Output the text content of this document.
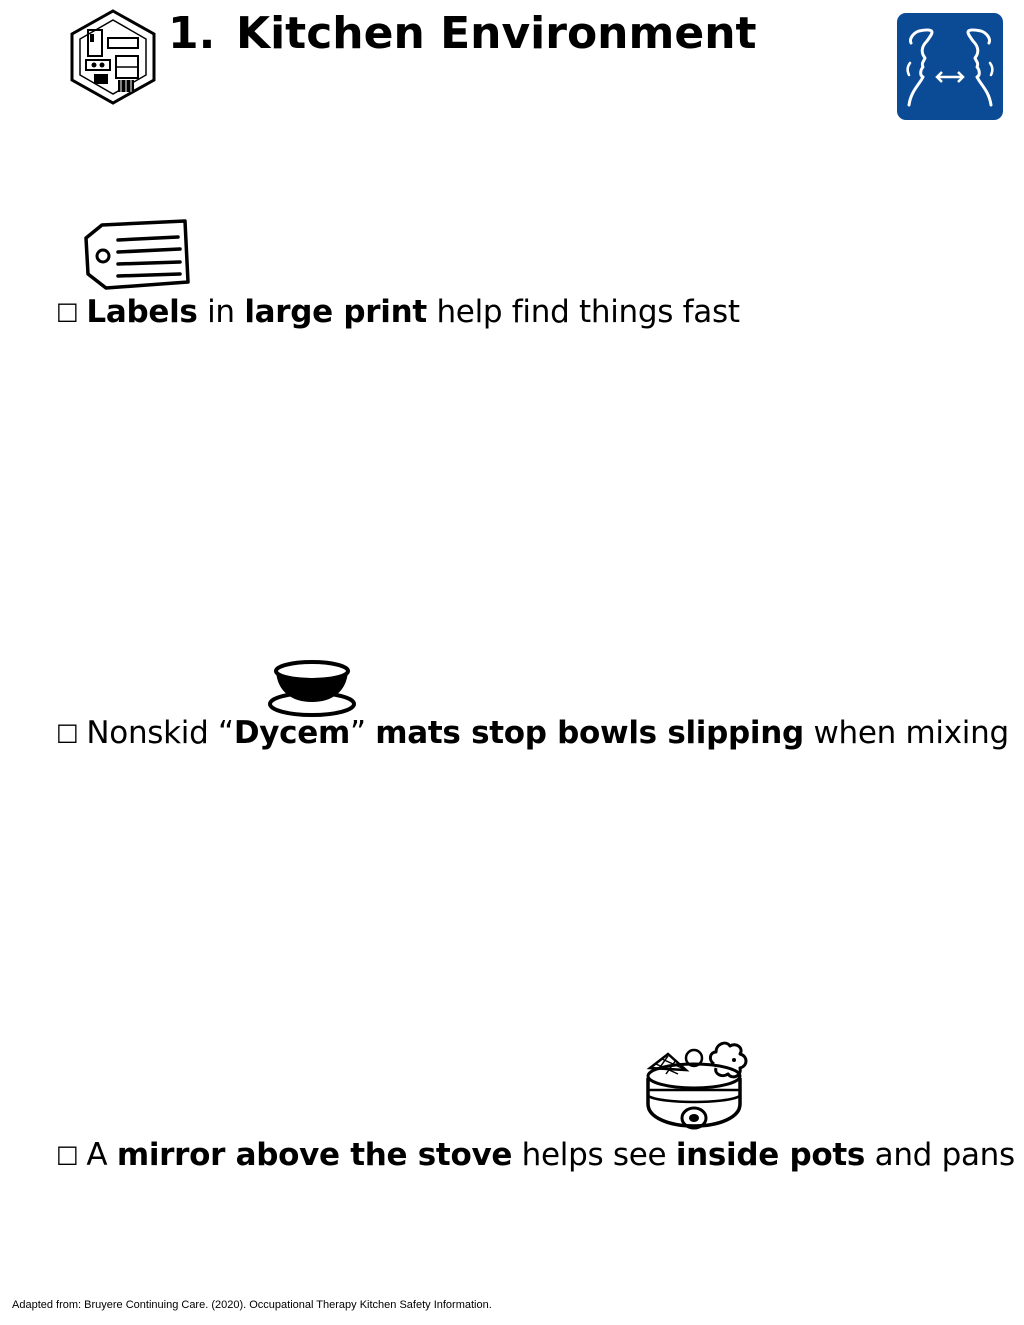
1. Kitchen Environment

□ Labels in large print help find things fast

□ Nonskid “Dycem” mats stop bowls slipping when mixing

□ A mirror above the stove helps see inside pots and pans

Adapted from: Bruyere Continuing Care. (2020). Occupational Therapy Kitchen Safety Information.
